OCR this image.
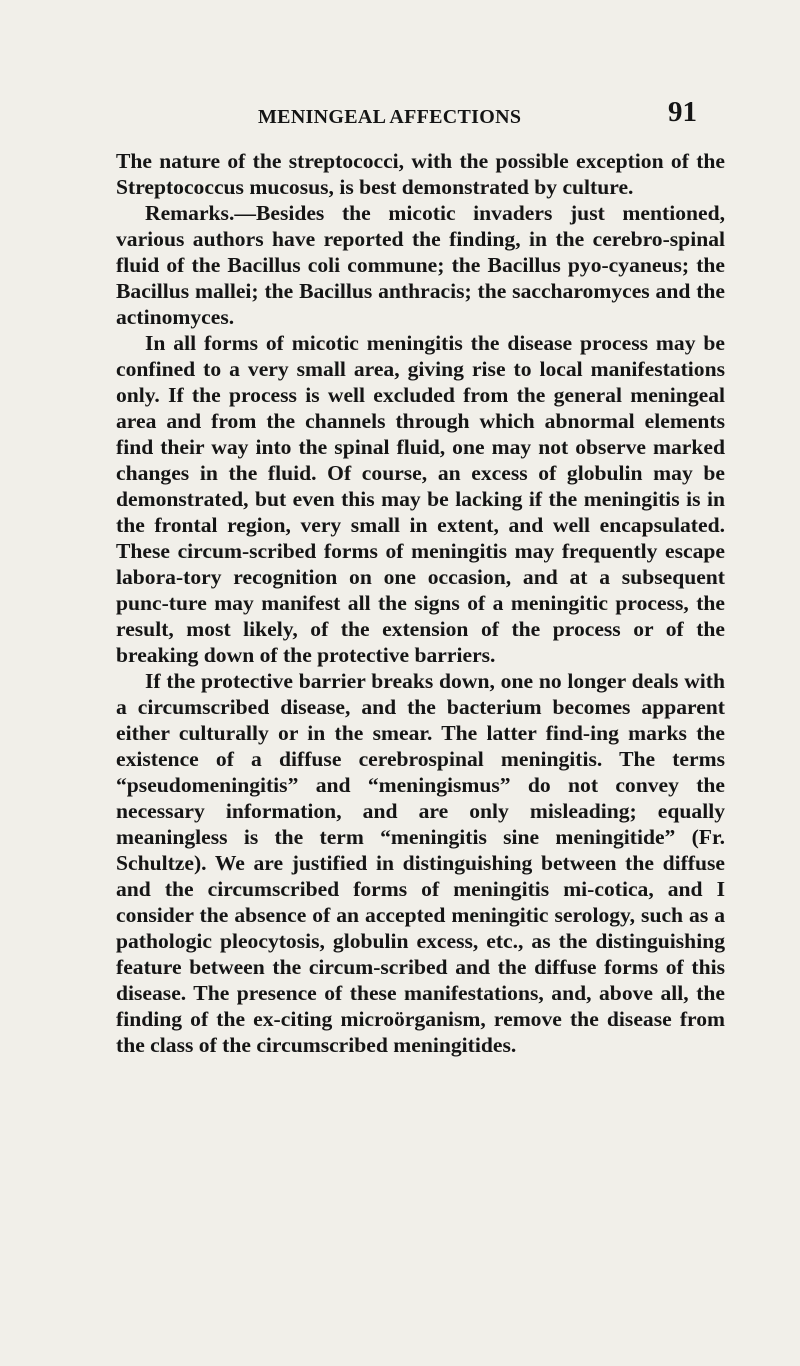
MENINGEAL AFFECTIONS	91

The nature of the streptococci, with the possible exception of the Streptococcus mucosus, is best demonstrated by culture.

Remarks.—Besides the micotic invaders just mentioned, various authors have reported the finding, in the cerebro-spinal fluid of the Bacillus coli commune; the Bacillus pyo-cyaneus; the Bacillus mallei; the Bacillus anthracis; the saccharomyces and the actinomyces.

In all forms of micotic meningitis the disease process may be confined to a very small area, giving rise to local manifestations only. If the process is well excluded from the general meningeal area and from the channels through which abnormal elements find their way into the spinal fluid, one may not observe marked changes in the fluid. Of course, an excess of globulin may be demonstrated, but even this may be lacking if the meningitis is in the frontal region, very small in extent, and well encapsulated. These circum-scribed forms of meningitis may frequently escape labora-tory recognition on one occasion, and at a subsequent punc-ture may manifest all the signs of a meningitic process, the result, most likely, of the extension of the process or of the breaking down of the protective barriers.

If the protective barrier breaks down, one no longer deals with a circumscribed disease, and the bacterium becomes apparent either culturally or in the smear. The latter find-ing marks the existence of a diffuse cerebrospinal meningitis. The terms “pseudomeningitis” and “meningismus” do not convey the necessary information, and are only misleading; equally meaningless is the term “meningitis sine meningitide” (Fr. Schultze). We are justified in distinguishing between the diffuse and the circumscribed forms of meningitis mi-cotica, and I consider the absence of an accepted meningitic serology, such as a pathologic pleocytosis, globulin excess, etc., as the distinguishing feature between the circum-scribed and the diffuse forms of this disease. The presence of these manifestations, and, above all, the finding of the ex-citing microörganism, remove the disease from the class of the circumscribed meningitides.
